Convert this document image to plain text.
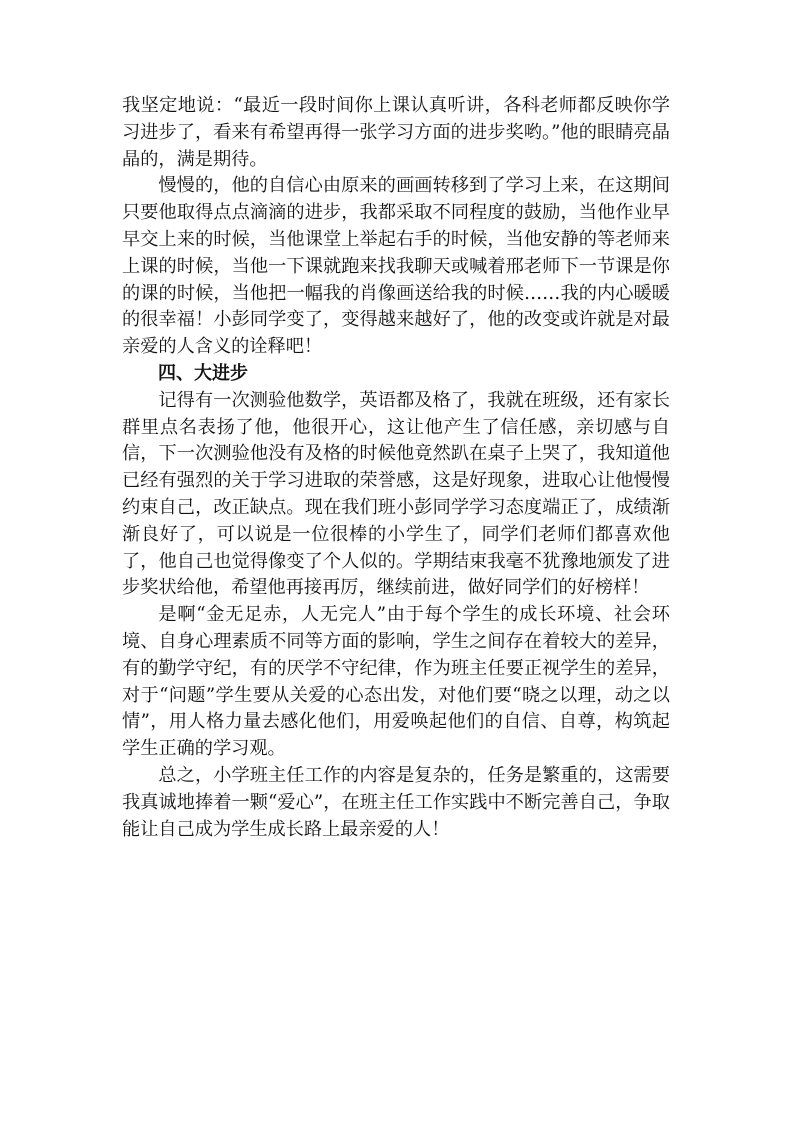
我坚定地说：“最近一段时间你上课认真听讲，各科老师都反映你学习进步了，看来有希望再得一张学习方面的进步奖哟。”他的眼睛亮晶晶的，满是期待。

慢慢的，他的自信心由原来的画画转移到了学习上来，在这期间只要他取得点点滴滴的进步，我都采取不同程度的鼓励，当他作业早早交上来的时候，当他课堂上举起右手的时候，当他安静的等老师来上课的时候，当他一下课就跑来找我聊天或喊着邢老师下一节课是你的课的时候，当他把一幅我的肖像画送给我的时候……我的内心暖暖的很幸福！小彭同学变了，变得越来越好了，他的改变或许就是对最亲爱的人含义的诠释吧！

四、大进步

记得有一次测验他数学，英语都及格了，我就在班级，还有家长群里点名表扬了他，他很开心，这让他产生了信任感，亲切感与自信，下一次测验他没有及格的时候他竟然趴在桌子上哭了，我知道他已经有强烈的关于学习进取的荣誉感，这是好现象，进取心让他慢慢约束自己，改正缺点。现在我们班小彭同学学习态度端正了，成绩渐渐良好了，可以说是一位很棒的小学生了，同学们老师们都喜欢他了，他自己也觉得像变了个人似的。学期结束我毫不犹豫地颁发了进步奖状给他，希望他再接再厉，继续前进，做好同学们的好榜样！

是啊“金无足赤，人无完人”由于每个学生的成长环境、社会环境、自身心理素质不同等方面的影响，学生之间存在着较大的差异，有的勤学守纪，有的厌学不守纪律，作为班主任要正视学生的差异，对于“问题”学生要从关爱的心态出发，对他们要“晓之以理，动之以情”，用人格力量去感化他们，用爱唤起他们的自信、自尊，构筑起学生正确的学习观。

总之，小学班主任工作的内容是复杂的，任务是繁重的，这需要我真诚地捧着一颗“爱心”，在班主任工作实践中不断完善自己，争取能让自己成为学生成长路上最亲爱的人！
